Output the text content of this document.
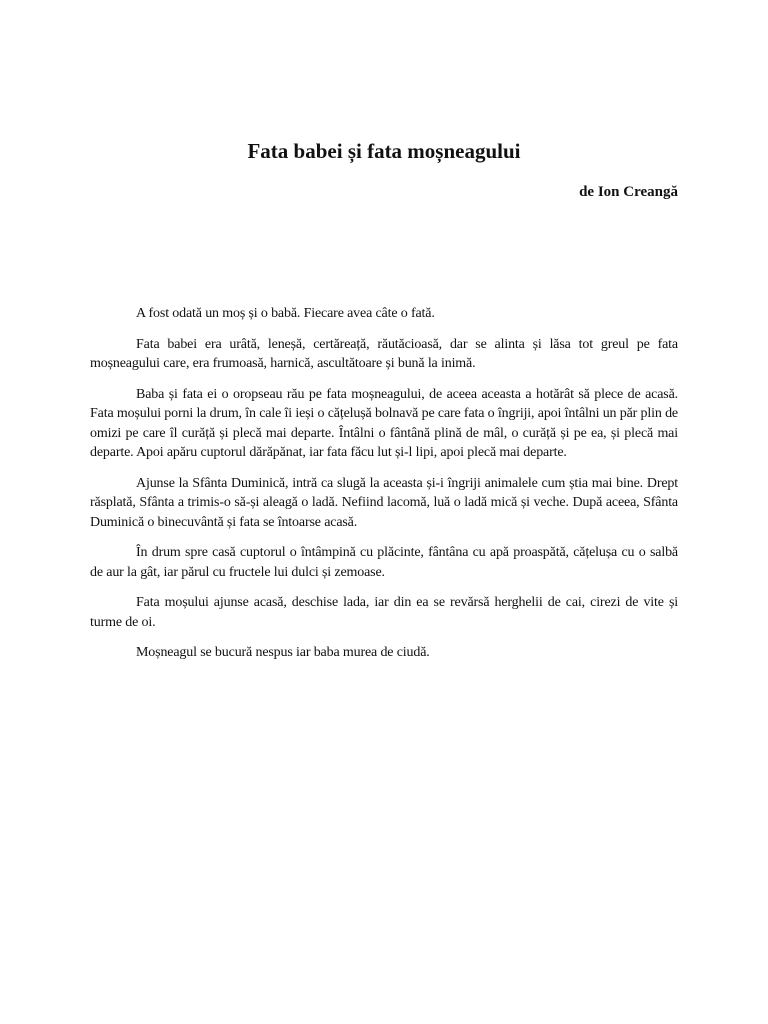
Fata babei și fata moșneagului

de Ion Creangă

A fost odată un moș și o babă. Fiecare avea câte o fată.

Fata babei era urâtă, leneșă, certăreață, răutăcioasă, dar se alinta și lăsa tot greul pe fata moșneagului care, era frumoasă, harnică, ascultătoare și bună la inimă.

Baba și fata ei o oropseau rău pe fata moșneagului, de aceea aceasta a hotărât să plece de acasă. Fata moșului porni la drum, în cale îi ieși o cățelușă bolnavă pe care fata o îngriji, apoi întâlni un păr plin de omizi pe care îl curăță și plecă mai departe. Întâlni o fântână plină de mâl, o curăță și pe ea, și plecă mai departe. Apoi apăru cuptorul dărăpănat, iar fata făcu lut și-l lipi, apoi plecă mai departe.

Ajunse la Sfânta Duminică, intră ca slugă la aceasta și-i îngriji animalele cum știa mai bine. Drept răsplată, Sfânta a trimis-o să-și aleagă o ladă. Nefiind lacomă, luă o ladă mică și veche. După aceea, Sfânta Duminică o binecuvântă și fata se întoarse acasă.

În drum spre casă cuptorul o întâmpină cu plăcinte, fântâna cu apă proaspătă, cățelușa cu o salbă de aur la gât, iar părul cu fructele lui dulci și zemoase.

Fata moșului ajunse acasă, deschise lada, iar din ea se revărsă herghelii de cai, cirezi de vite și turme de oi.

Moșneagul se bucură nespus iar baba murea de ciudă.
